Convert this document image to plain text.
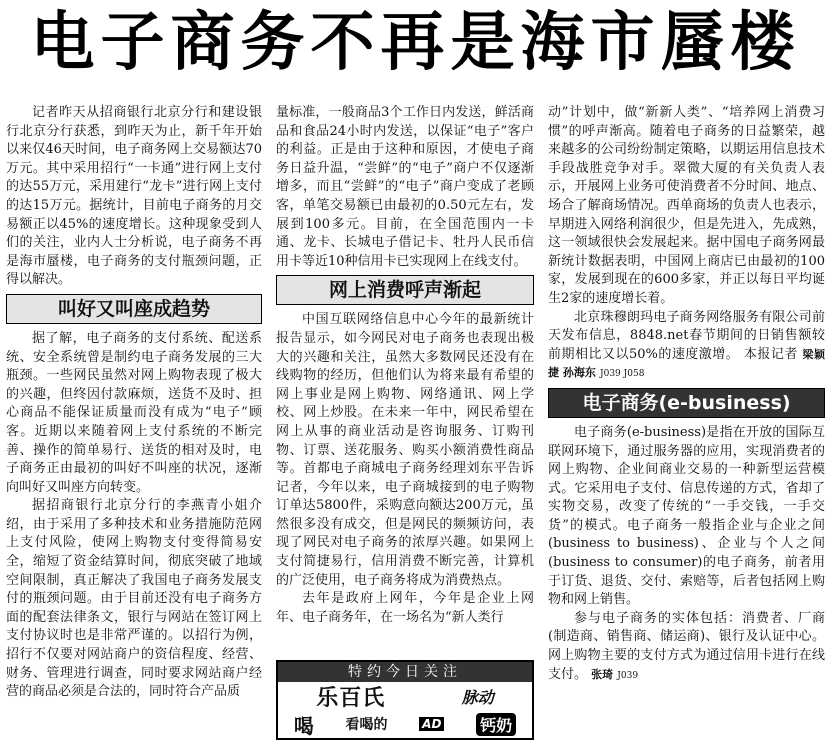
电子商务不再是海市蜃楼

记者昨天从招商银行北京分行和建设银行北京分行获悉，到昨天为止，新千年开始以来仅46天时间，电子商务网上交易额达70万元。其中采用招行“一卡通”进行网上支付的达55万元，采用建行“龙卡”进行网上支付的达15万元。据统计，目前电子商务的月交易额正以45%的速度增长。这种现象受到人们的关注，业内人士分析说，电子商务不再是海市蜃楼，电子商务的支付瓶颈问题，正得以解决。

叫好又叫座成趋势

据了解，电子商务的支付系统、配送系统、安全系统曾是制约电子商务发展的三大瓶颈。一些网民虽然对网上购物表现了极大的兴趣，但终因付款麻烦，送货不及时、担心商品不能保证质量而没有成为“电子”顾客。近期以来随着网上支付系统的不断完善、操作的简单易行、送货的相对及时，电子商务正由最初的叫好不叫座的状况，逐渐向叫好又叫座方向转变。

据招商银行北京分行的李燕青小姐介绍，由于采用了多种技术和业务措施防范网上支付风险，使网上购物支付变得简易安全，缩短了资金结算时间，彻底突破了地域空间限制，真正解决了我国电子商务发展支付的瓶颈问题。由于目前还没有电子商务方面的配套法律条文，银行与网站在签订网上支付协议时也是非常严谨的。以招行为例，招行不仅要对网站商户的资信程度、经营、财务、管理进行调查，同时要求网站商户经营的商品必须是合法的，同时符合产品质

量标准，一般商品3个工作日内发送，鲜活商品和食品24小时内发送，以保证“电子”客户的利益。正是由于这种和原因，才使电子商务日益升温，“尝鲜”的“电子”商户不仅逐渐增多，而且“尝鲜”的“电子”商户变成了老顾客，单笔交易额已由最初的0.50元左右，发展到100多元。目前，在全国范围内一卡通、龙卡、长城电子借记卡、牡丹人民币信用卡等近10种信用卡已实现网上在线支付。

网上消费呼声渐起

中国互联网络信息中心今年的最新统计报告显示，如今网民对电子商务也表现出极大的兴趣和关注，虽然大多数网民还没有在线购物的经历，但他们认为将来最有希望的网上事业是网上购物、网络通讯、网上学校、网上炒股。在未来一年中，网民希望在网上从事的商业活动是咨询服务、订购刊物、订票、送花服务、购买小额消费性商品等。首都电子商城电子商务经理刘东平告诉记者，今年以来，电子商城接到的电子购物订单达5800件，采购意向额达200万元，虽然很多没有成交，但是网民的频频访问，表现了网民对电子商务的浓厚兴趣。如果网上支付简捷易行，信用消费不断完善，计算机的广泛使用，电子商务将成为消费热点。

去年是政府上网年，今年是企业上网年、电子商务年，在一场名为“新人类行

动”计划中，做“新新人类”、“培养网上消费习惯”的呼声渐高。随着电子商务的日益繁荣，越来越多的公司纷纷制定策略，以期运用信息技术手段战胜竞争对手。翠微大厦的有关负责人表示，开展网上业务可使消费者不分时间、地点、场合了解商场情况。西单商场的负责人也表示，早期进入网络利润很少，但是先进入，先成熟，这一领域很快会发展起来。据中国电子商务网最新统计数据表明，中国网上商店已由最初的100家，发展到现在的600多家，并正以每日平均诞生2家的速度增长着。

北京珠穆朗玛电子商务网络服务有限公司前天发布信息，8848.net春节期间的日销售额较前期相比又以50%的速度激增。 本报记者 梁颖捷 孙海东 J039 J058

电子商务(e-business)

电子商务(e-business)是指在开放的国际互联网环境下，通过服务器的应用，实现消费者的网上购物、企业间商业交易的一种新型运营模式。它采用电子支付、信息传递的方式，省却了实物交易，改变了传统的“一手交钱，一手交货”的模式。电子商务一般指企业与企业之间(business to business)、企业与个人之间(business to consumer)的电子商务，前者用于订货、退货、交付、索赔等，后者包括网上购物和网上销售。

参与电子商务的实体包括：消费者、厂商(制造商、销售商、储运商)、银行及认证中心。网上购物主要的支付方式为通过信用卡进行在线支付。 张琦 J039

特约今日关注
乐百氏	脉动
喝 看喝的	AD 钙奶
